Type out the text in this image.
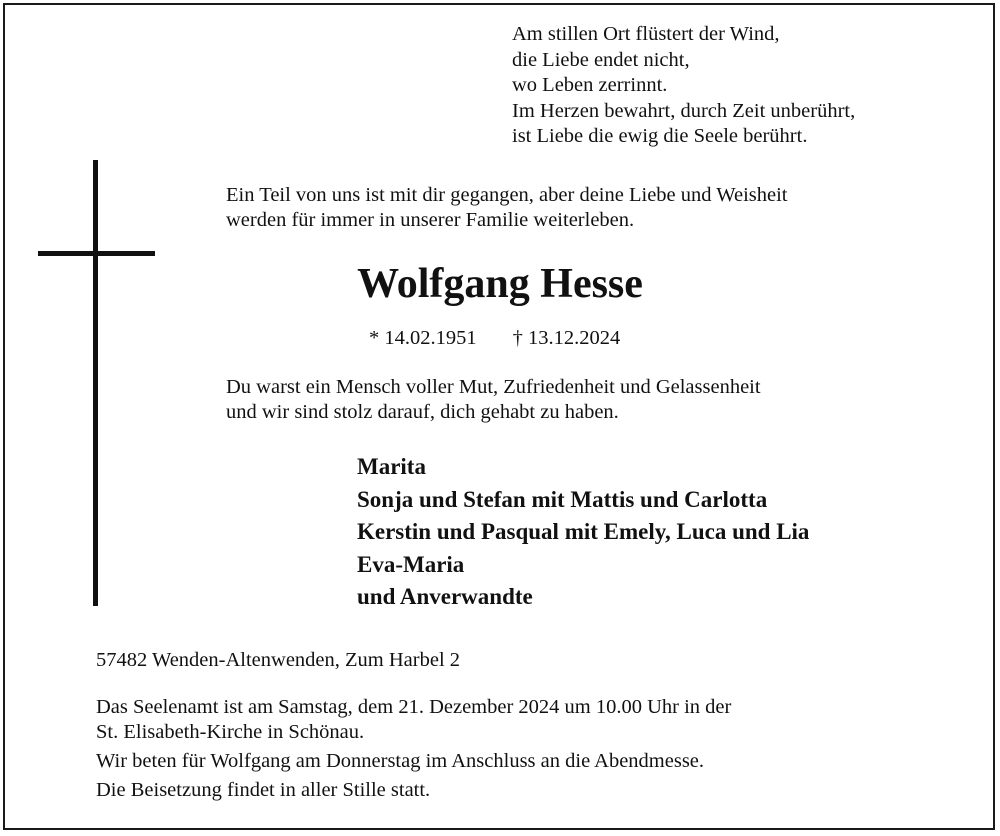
Am stillen Ort flüstert der Wind,
die Liebe endet nicht,
wo Leben zerrinnt.
Im Herzen bewahrt, durch Zeit unberührt,
ist Liebe die ewig die Seele berührt.
Ein Teil von uns ist mit dir gegangen, aber deine Liebe und Weisheit
werden für immer in unserer Familie weiterleben.
Wolfgang Hesse
* 14.02.1951 † 13.12.2024
Du warst ein Mensch voller Mut, Zufriedenheit und Gelassenheit
und wir sind stolz darauf, dich gehabt zu haben.
Marita
Sonja und Stefan mit Mattis und Carlotta
Kerstin und Pasqual mit Emely, Luca und Lia
Eva-Maria
und Anverwandte
57482 Wenden-Altenwenden, Zum Harbel 2
Das Seelenamt ist am Samstag, dem 21. Dezember 2024 um 10.00 Uhr in der
St. Elisabeth-Kirche in Schönau.
Wir beten für Wolfgang am Donnerstag im Anschluss an die Abendmesse.
Die Beisetzung findet in aller Stille statt.
